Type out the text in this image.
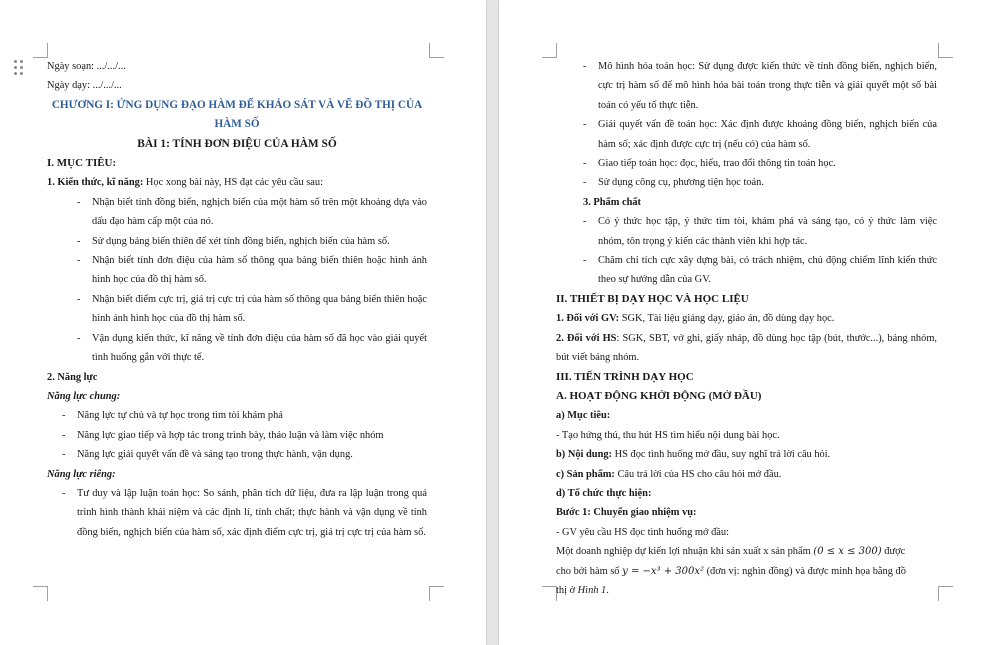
Ngày soạn: .../.../...
Ngày dạy: .../.../...
CHƯƠNG I: ỨNG DỤNG ĐẠO HÀM ĐỂ KHẢO SÁT VÀ VẼ ĐỒ THỊ CỦA
HÀM SỐ
BÀI 1: TÍNH ĐƠN ĐIỆU CỦA HÀM SỐ
I. MỤC TIÊU:
1. Kiến thức, kĩ năng: Học xong bài này, HS đạt các yêu cầu sau:
- Nhận biết tính đồng biến, nghịch biến của một hàm số trên một khoảng dựa vào dấu đạo hàm cấp một của nó.
- Sử dụng bảng biến thiên để xét tính đồng biến, nghịch biến của hàm số.
- Nhận biết tính đơn điệu của hàm số thông qua bảng biến thiên hoặc hình ảnh hình học của đồ thị hàm số.
- Nhận biết điểm cực trị, giá trị cực trị của hàm số thông qua bảng biến thiên hoặc hình ảnh hình học của đồ thị hàm số.
- Vận dụng kiến thức, kĩ năng về tính đơn điệu của hàm số đã học vào giải quyết tình huống gắn với thực tế.
2. Năng lực
Năng lực chung:
- Năng lực tự chủ và tự học trong tìm tòi khám phá
- Năng lực giao tiếp và hợp tác trong trình bày, thảo luận và làm việc nhóm
- Năng lực giải quyết vấn đề và sáng tạo trong thực hành, vận dụng.
Năng lực riêng:
- Tư duy và lập luận toán học: So sánh, phân tích dữ liệu, đưa ra lập luận trong quá trình hình thành khái niệm và các định lí, tính chất; thực hành và vận dụng về tính đồng biến, nghịch biến của hàm số, xác định điểm cực trị, giá trị cực trị của hàm số.
- Mô hình hóa toán học: Sử dụng được kiến thức về tính đồng biến, nghịch biến, cực trị hàm số để mô hình hóa bài toán trong thực tiễn và giải quyết một số bài toán có yếu tố thực tiễn.
- Giải quyết vấn đề toán học: Xác định được khoảng đồng biến, nghịch biến của hàm số; xác định được cực trị (nếu có) của hàm số.
- Giao tiếp toán học: đọc, hiểu, trao đổi thông tin toán học.
- Sử dụng công cụ, phương tiện học toán.
3. Phẩm chất
- Có ý thức học tập, ý thức tìm tòi, khám phá và sáng tạo, có ý thức làm việc nhóm, tôn trọng ý kiến các thành viên khi hợp tác.
- Chăm chỉ tích cực xây dựng bài, có trách nhiệm, chủ động chiếm lĩnh kiến thức theo sự hướng dẫn của GV.
II. THIẾT BỊ DẠY HỌC VÀ HỌC LIỆU
1. Đối với GV: SGK, Tài liệu giảng dạy, giáo án, đồ dùng dạy học.
2. Đối với HS: SGK, SBT, vở ghi, giấy nháp, đồ dùng học tập (bút, thước...), bảng nhóm, bút viết bảng nhóm.
III. TIẾN TRÌNH DẠY HỌC
A. HOẠT ĐỘNG KHỞI ĐỘNG (MỞ ĐẦU)
a) Mục tiêu:
- Tạo hứng thú, thu hút HS tìm hiểu nội dung bài học.
b) Nội dung: HS đọc tình huống mở đầu, suy nghĩ trả lời câu hỏi.
c) Sản phẩm: Câu trả lời của HS cho câu hỏi mở đầu.
d) Tổ chức thực hiện:
Bước 1: Chuyển giao nhiệm vụ:
- GV yêu cầu HS đọc tình huống mở đầu:
Một doanh nghiệp dự kiến lợi nhuận khi sản xuất x sản phẩm (0 ≤ x ≤ 300) được
cho bởi hàm số y = −x³ + 300x² (đơn vị: nghìn đồng) và được minh họa bằng đồ
thị ở Hình 1.
